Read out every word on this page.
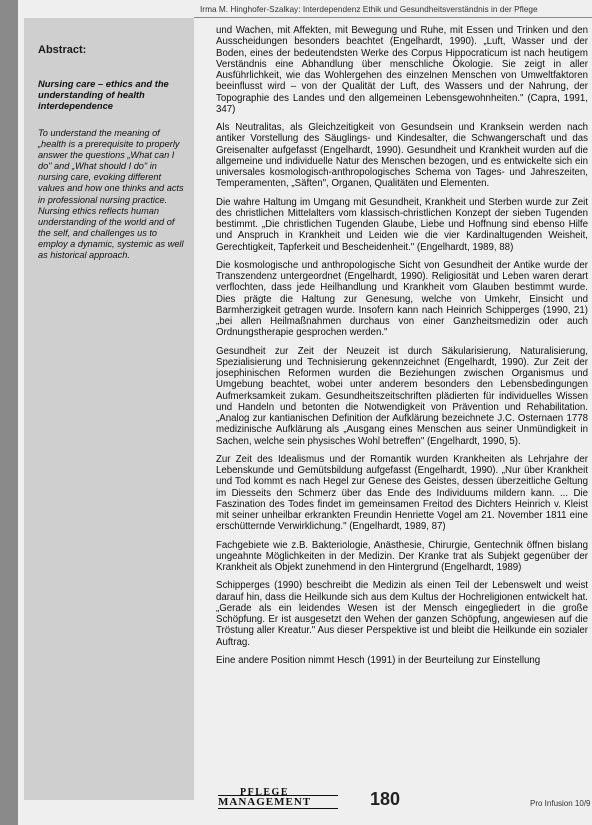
Irma M. Hinghofer-Szalkay: Interdependenz Ethik und Gesundheitsverständnis in der Pflege
Abstract:
Nursing care – ethics and the understanding of health interdependence
To understand the meaning of „health is a prerequisite to properly answer the questions „What can I do" and „What should I do" in nursing care, evoking different values and how one thinks and acts in professional nursing practice. Nursing ethics reflects human understanding of the world and of the self, and challenges us to employ a dynamic, systemic as well as historical approach.

und Wachen, mit Affekten, mit Bewegung und Ruhe, mit Essen und Trinken und den Ausscheidungen besonders beachtet (Engelhardt, 1990). „Luft, Wasser und der Boden, eines der bedeutendsten Werke des Corpus Hippocraticum ist nach heutigem Verständnis eine Abhandlung über menschliche Ökologie. Sie zeigt in aller Ausführlichkeit, wie das Wohlergehen des einzelnen Menschen von Umweltfaktoren beeinflusst wird – von der Qualität der Luft, des Wassers und der Nahrung, der Topographie des Landes und den allgemeinen Lebensgewohnheiten." (Capra, 1991, 347)

Als Neutralitas, als Gleichzeitigkeit von Gesundsein und Kranksein werden nach antiker Vorstellung des Säuglings- und Kindesalter, die Schwangerschaft und das Greisenalter aufgefasst (Engelhardt, 1990). Gesundheit und Krankheit wurden auf die allgemeine und individuelle Natur des Menschen bezogen, und es entwickelte sich ein universales kosmologisch-anthropologisches Schema von Tages- und Jahreszeiten, Temperamenten, „Säften", Organen, Qualitäten und Elementen.

Die wahre Haltung im Umgang mit Gesundheit, Krankheit und Sterben wurde zur Zeit des christlichen Mittelalters vom klassisch-christlichen Konzept der sieben Tugenden bestimmt. „Die christlichen Tugenden Glaube, Liebe und Hoffnung sind ebenso Hilfe und Anspruch in Krankheit und Leiden wie die vier Kardinaltugenden Weisheit, Gerechtigkeit, Tapferkeit und Bescheidenheit." (Engelhardt, 1989, 88)

Die kosmologische und anthropologische Sicht von Gesundheit der Antike wurde der Transzendenz untergeordnet (Engelhardt, 1990). Religiosität und Leben waren derart verflochten, dass jede Heilhandlung und Krankheit vom Glauben bestimmt wurde. Dies prägte die Haltung zur Genesung, welche von Umkehr, Einsicht und Barmherzigkeit getragen wurde. Insofern kann nach Heinrich Schipperges (1990, 21) „bei allen Heilmaßnahmen durchaus von einer Ganzheitsmedizin oder auch Ordnungstherapie gesprochen werden."

Gesundheit zur Zeit der Neuzeit ist durch Säkularisierung, Naturalisierung, Spezialisierung und Technisierung gekennzeichnet (Engelhardt, 1990). Zur Zeit der josephinischen Reformen wurden die Beziehungen zwischen Organismus und Umgebung beachtet, wobei unter anderem besonders den Lebensbedingungen Aufmerksamkeit zukam. Gesundheitszeitschriften plädierten für individuelles Wissen und Handeln und betonten die Notwendigkeit von Prävention und Rehabilitation. „Analog zur kantianischen Definition der Aufklärung bezeichnete J.C. Osternaen 1778 medizinische Aufklärung als „Ausgang eines Menschen aus seiner Unmündigkeit in Sachen, welche sein physisches Wohl betreffen" (Engelhardt, 1990, 5).

Zur Zeit des Idealismus und der Romantik wurden Krankheiten als Lehrjahre der Lebenskunde und Gemütsbildung aufgefasst (Engelhardt, 1990). „Nur über Krankheit und Tod kommt es nach Hegel zur Genese des Geistes, dessen überzeitliche Geltung im Diesseits den Schmerz über das Ende des Individuums mildern kann. ... Die Faszination des Todes findet im gemeinsamen Freitod des Dichters Heinrich v. Kleist mit seiner unheilbar erkrankten Freundin Henriette Vogel am 21. November 1811 eine erschütternde Verwirklichung." (Engelhardt, 1989, 87)

Fachgebiete wie z.B. Bakteriologie, Anästhesie, Chirurgie, Gentechnik öffnen bislang ungeahnte Möglichkeiten in der Medizin. Der Kranke trat als Subjekt gegenüber der Krankheit als Objekt zunehmend in den Hintergrund (Engelhardt, 1989)

Schipperges (1990) beschreibt die Medizin als einen Teil der Lebenswelt und weist darauf hin, dass die Heilkunde sich aus dem Kultus der Hochreligionen entwickelt hat. „Gerade als ein leidendes Wesen ist der Mensch eingegliedert in die große Schöpfung. Er ist ausgesetzt den Wehen der ganzen Schöpfung, angewiesen auf die Tröstung aller Kreatur." Aus dieser Perspektive ist und bleibt die Heilkunde ein sozialer Auftrag.

Eine andere Position nimmt Hesch (1991) in der Beurteilung zur Einstellung

PFLEGE
MANAGEMENT	180	Pro Infusion 10/9
